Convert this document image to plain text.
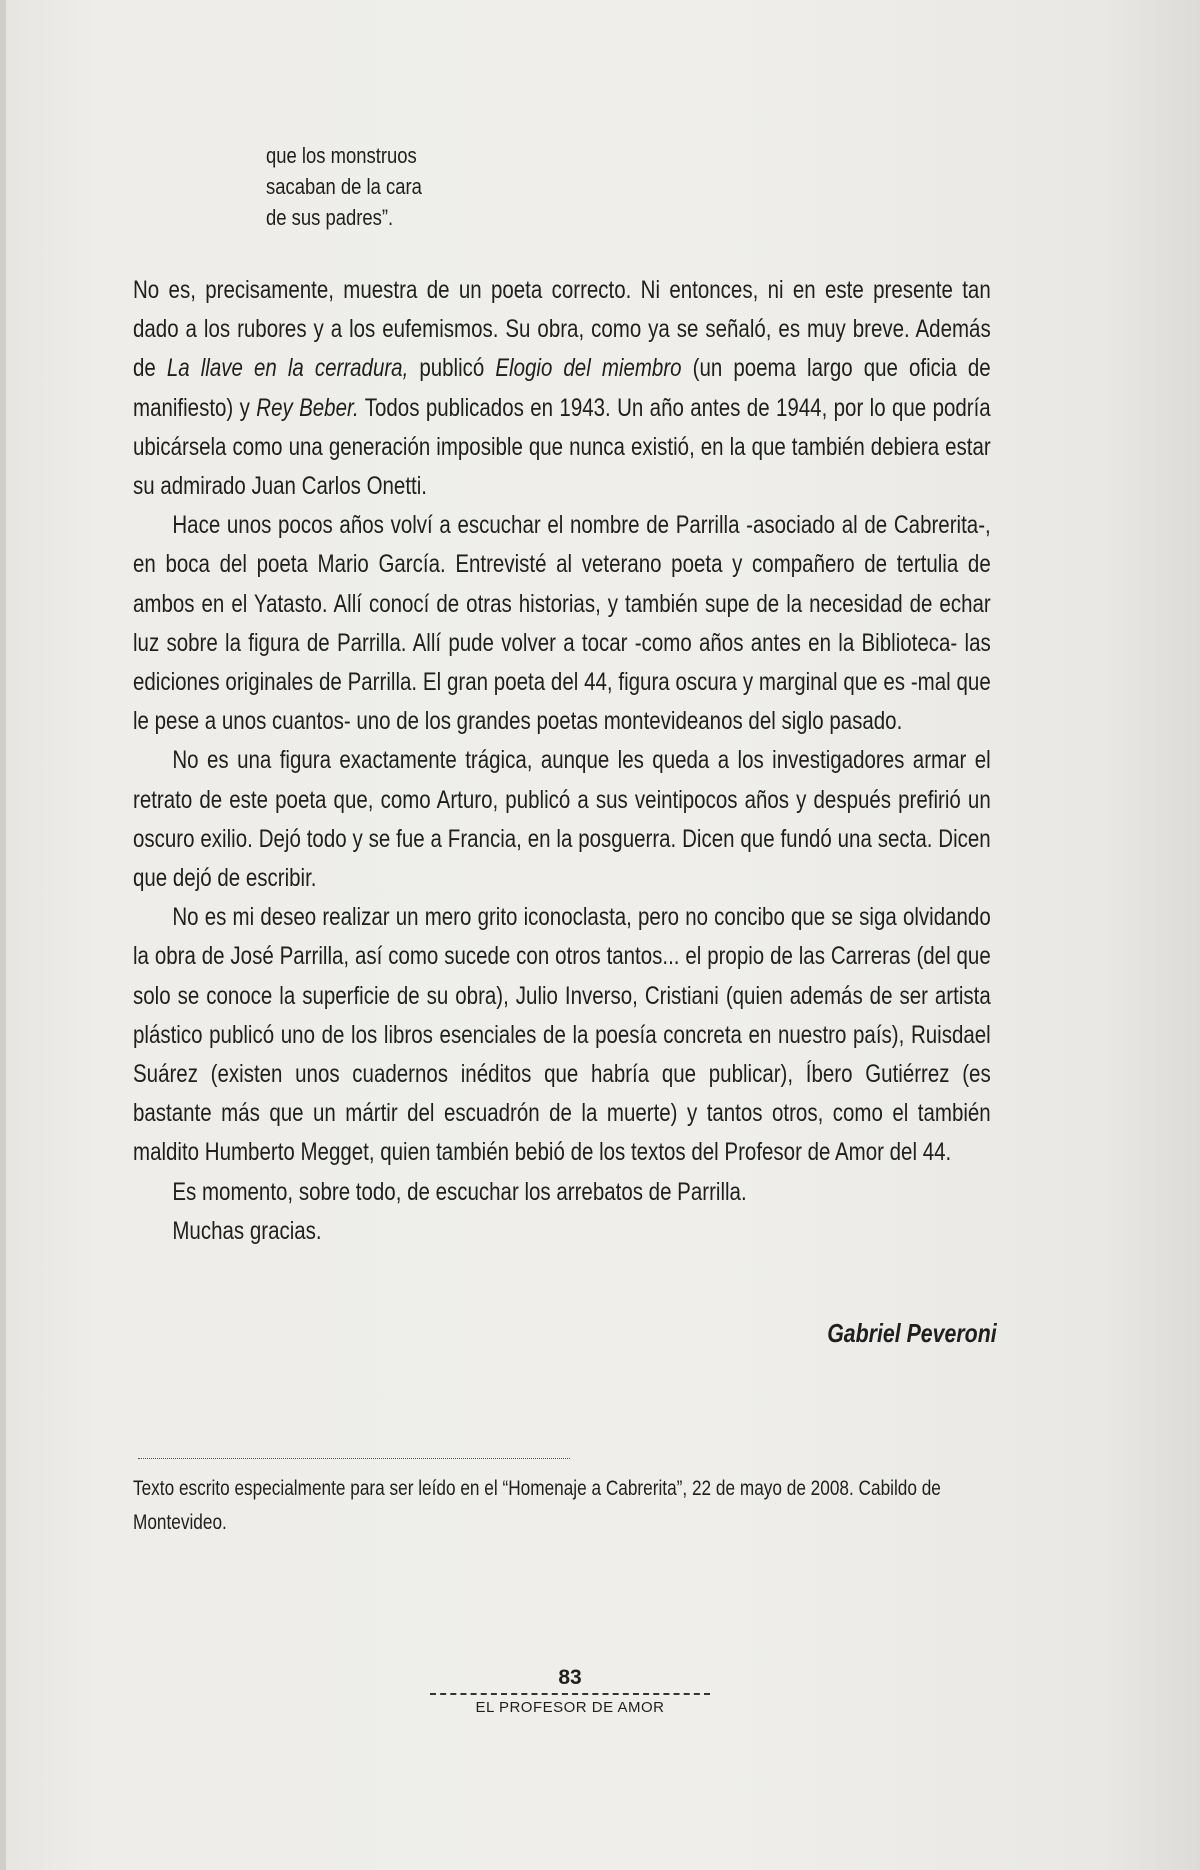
que los monstruos
sacaban de la cara
de sus padres”.

No es, precisamente, muestra de un poeta correcto. Ni entonces, ni en este presente tan dado a los rubores y a los eufemismos. Su obra, como ya se señaló, es muy breve. Además de La llave en la cerradura, publicó Elogio del miembro (un poema largo que oficia de manifiesto) y Rey Beber. Todos publicados en 1943. Un año antes de 1944, por lo que podría ubicársela como una generación imposible que nunca existió, en la que también debiera estar su admirado Juan Carlos Onetti.

Hace unos pocos años volví a escuchar el nombre de Parrilla -asociado al de Cabrerita-, en boca del poeta Mario García. Entrevisté al veterano poeta y compañero de tertulia de ambos en el Yatasto. Allí conocí de otras historias, y también supe de la necesidad de echar luz sobre la figura de Parrilla. Allí pude volver a tocar -como años antes en la Biblioteca- las ediciones originales de Parrilla. El gran poeta del 44, figura oscura y marginal que es -mal que le pese a unos cuantos- uno de los grandes poetas montevideanos del siglo pasado.

No es una figura exactamente trágica, aunque les queda a los investigadores armar el retrato de este poeta que, como Arturo, publicó a sus veintipocos años y después prefirió un oscuro exilio. Dejó todo y se fue a Francia, en la posguerra. Dicen que fundó una secta. Dicen que dejó de escribir.

No es mi deseo realizar un mero grito iconoclasta, pero no concibo que se siga olvidando la obra de José Parrilla, así como sucede con otros tantos... el propio de las Carreras (del que solo se conoce la superficie de su obra), Julio Inverso, Cristiani (quien además de ser artista plástico publicó uno de los libros esenciales de la poesía concreta en nuestro país), Ruisdael Suárez (existen unos cuadernos inéditos que habría que publicar), Íbero Gutiérrez (es bastante más que un mártir del escuadrón de la muerte) y tantos otros, como el también maldito Humberto Megget, quien también bebió de los textos del Profesor de Amor del 44.

Es momento, sobre todo, de escuchar los arrebatos de Parrilla.

Muchas gracias.

Gabriel Peveroni
Texto escrito especialmente para ser leído en el “Homenaje a Cabrerita”, 22 de mayo de 2008. Cabildo de Montevideo.
83
EL PROFESOR DE AMOR
